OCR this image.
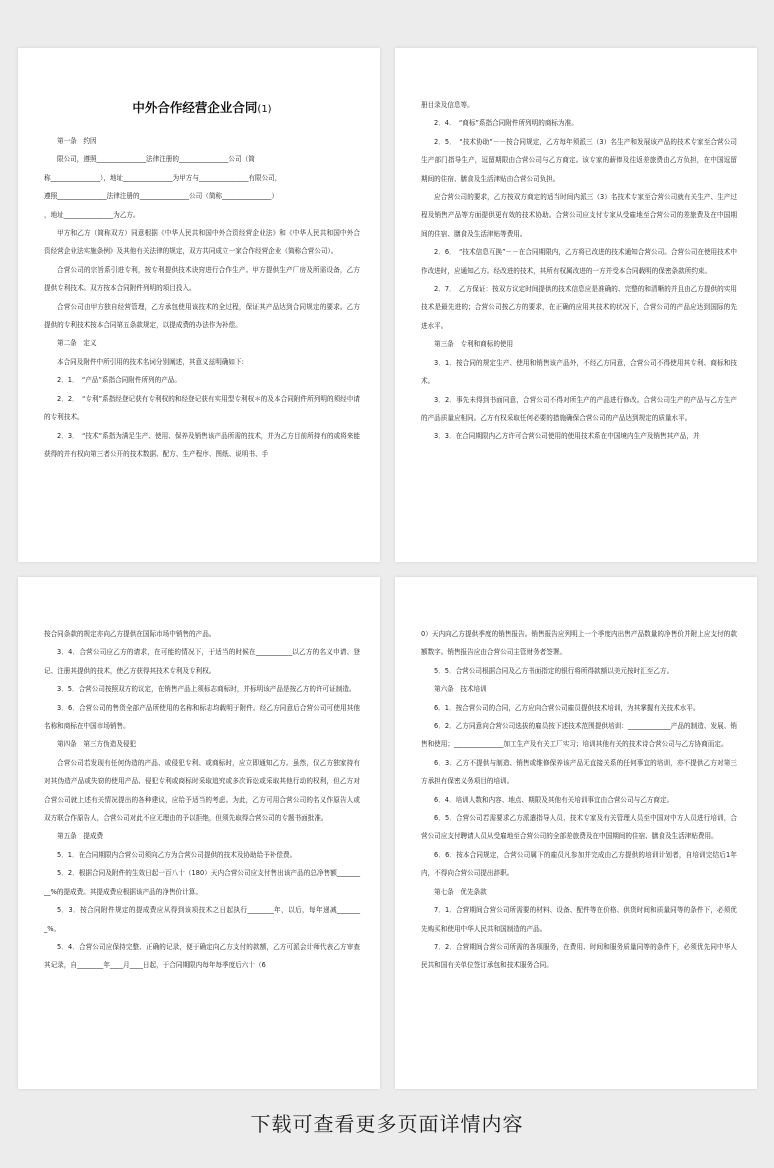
中外合作经营企业合同(1)

第一条　约因

限公司，遵照_______________法律注册的_______________公司（简

称_______________），地址_______________为甲方与_______________有限公司，

遵照_______________法律注册的_______________公司（简称_______________）

，地址_______________为乙方。

甲方和乙方（简称双方）同意根据《中华人民共和国中外合资经营企业法》和《中华人民共和国中外合资经营企业法实施条例》及其他有关法律的规定，双方共同成立一家合作经营企业（简称合营公司）。

合营公司的宗旨系引进专利，按专利提供技术诀窍进行合作生产。甲方提供生产厂房及所需设备，乙方提供专利技术。双方按本合同附件列明的项目投入。

合营公司由甲方独自经营管理，乙方承包使用该技术的全过程，保证其产品达到合同规定的要求。乙方提供的专利技术按本合同第五条款规定，以提成费的办法作为补偿。

第二条　定义

本合同及附件中所引用的技术名词分别阐述，其意义兹明确如下:

2．1．　“产品”系指合同附件所列的产品。

2．2．　“专利”系指经登记获有专利权的和经登记获有实用型专利权＊的及本合同附件所列明的须经申请的专利技术。

2．3．　“技术”系指为满足生产、使用、保养及销售该产品所需的技术，并为乙方目前所持有的或将来能获得的并有权向第三者公开的技术数据、配方、生产程序、图纸、说明书、手

册目录及信息等。

2．4．　“商标”系指合同附件所列明的商标为准。

2．5．　“技术协助”－－按合同规定，乙方每年须派三（3）名生产和发展该产品的技术专家至合营公司生产部门指导生产，逗留期限由合营公司与乙方商定。该专家的薪俸及往返差旅费由乙方负担，在中国逗留期间的住宿、膳食及生活津贴由合营公司负担。

应合营公司的要求，乙方按双方商定的适当时间内派三（3）名技术专家至合营公司就有关生产、生产过程及销售产品等方面提供更有效的技术协助。合营公司应支付专家从受雇地至合营公司的差旅费及在中国期间的住宿、膳食及生活津贴等费用。

2．6．　“技术信息互换”－－在合同期限内，乙方将已改进的技术通知合营公司。合营公司在使用技术中作改进时，应通知乙方。经改进的技术，其所有权属改进的一方并受本合同载明的保密条款所约束。

2．7．　乙方保证：按双方议定时间提供的技术信息应是准确的、完整的和清晰的并且由乙方提供的实用技术是最先进的；合营公司按乙方的要求，在正确的应用其技术的状况下，合营公司的产品应达到国际的先进水平。

第三条　专利和商标的使用

3．1．按合同的规定生产、使用和销售该产品外，不经乙方同意，合营公司不得使用其专利、商标和技术。

3．2．事先未得到书面同意，合营公司不得对所生产的产品进行修改。合营公司生产的产品与乙方生产的产品质量应相同。乙方有权采取任何必要的措施确保合营公司的产品达到规定的质量水平。

3．3．在合同期限内乙方许可合营公司使用的使用技术系在中国境内生产及销售其产品，并

按合同条款的规定亦向乙方提供在国际市场中销售的产品。

3．4．合营公司应乙方的请求，在可能的情况下，于适当的时候在___________以乙方的名义申请、登记、注册其提供的技术，使乙方获得其技术专利及专利权。

3．5．合营公司按照双方的议定，在销售产品上须标志商标时，并标明该产品是按乙方的许可证制造。

3．6．合营公司的售货全部产品所使用的名称和标志均载明于附件。经乙方同意后合营公司可使用其他名称和商标在中国市场销售。

第四条　第三方伪造及侵犯

合营公司若发现有任何伪造的产品、或侵犯专利、或商标时，应立即通知乙方。虽然，仅乙方独家持有对其伪造产品或失窃的使用产品、侵犯专利或商标时采取追究或多次诉讼或采取其他行动的权利，但乙方对合营公司就上述有关情况提出的各种建议，应给予适当的考虑。为此，乙方可用合营公司的名义作原告人或双方联合作原告人，合营公司对此不应无理由的予以拒绝，但须先取得合营公司的专题书面批准。

第五条　提成费

5．1．在合同期限内合营公司须向乙方为合营公司提供的技术及协助给予补偿费。

5．2．根据合同及附件的生效日起一百八十（180）天内合营公司应支付售出该产品的总净售额_________%的提成费。其提成费应根据该产品的净售价计算。

5．3．按合同附件规定的提成费应从得到该项技术之日起执行________年，以后，每年递减________%。

5．4．合营公司应保持完整、正确的记录，便于确定向乙方支付的款额，乙方可派会计师代表乙方审查其记录，自________年____月____日起，于合同期限内每年每季度后六十（6

0）天内向乙方提供季度的销售报告。销售报告应列明上一个季度内出售产品数量的净售价并附上应支付的款额数字。销售报告应由合营公司主管财务者签署。

5．5．合营公司根据合同及乙方书面指定的银行将所得款额以美元按时汇至乙方。

第六条　技术培训

6．1．按合营公司的合同，乙方应向合营公司雇员提供技术培训，为其掌握有关技术水平。

6．2．乙方同意向合营公司选拔的雇员按下述技术范围提供培训：_____________产品的制造、发展、销售和使用；_______________加工生产及有关工厂实习；培训其他有关的技术诗合营公司与乙方协商而定。

6．3．乙方不提供与制造、销售或维修保养该产品无直接关系的任何事宜的培训，亦不提供乙方对第三方承担有保密义务项目的培训。

6．4．培训人数和内容、地点、期限及其他有关培训事宜由合营公司与乙方商定。

6．5．合营公司若需要求乙方派遣指导人员、技术专家及有关管理人员至中国对中方人员进行培训，合营公司应支付聘请人员从受雇地至合营公司的全部差旅费及在中国期间的住宿、膳食及生活津贴费用。

6．6．按本合同规定，合营公司属下的雇员凡参加并完成由乙方提供的培训计划者，自培训完结后1年内，不得向合营公司提出辞职。

第七条　优先条款

7．1．合营期间合营公司所需要的材料、设备、配件等在价格、供货时间和质量同等的条件下，必须优先购买和使用中华人民共和国制造的产品。

7．2．合营期间合营公司所需的各项服务，在费用、时间和服务质量同等的条件下，必须优先同中华人民共和国有关单位签订承包和技术服务合同。

下载可查看更多页面详情内容
